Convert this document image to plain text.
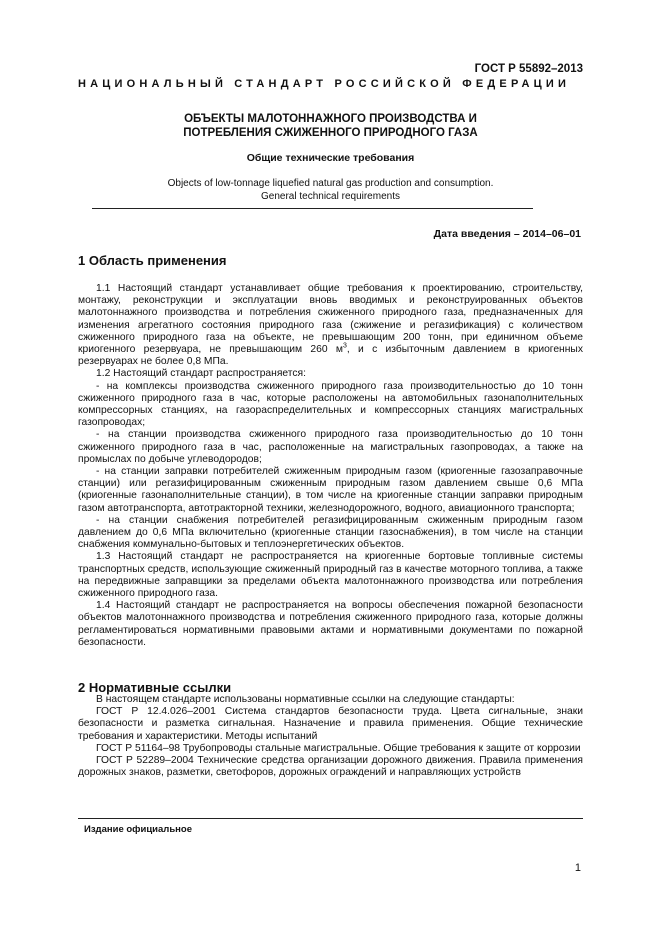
ГОСТ Р 55892–2013
НАЦИОНАЛЬНЫЙ СТАНДАРТ РОССИЙСКОЙ ФЕДЕРАЦИИ
ОБЪЕКТЫ МАЛОТОННАЖНОГО ПРОИЗВОДСТВА И
ПОТРЕБЛЕНИЯ СЖИЖЕННОГО ПРИРОДНОГО ГАЗА
Общие технические требования
Objects of low-tonnage liquefied natural gas production and consumption.
General technical requirements
Дата введения – 2014–06–01
1 Область применения

1.1 Настоящий стандарт устанавливает общие требования к проектированию, строительству, монтажу, реконструкции и эксплуатации вновь вводимых и реконструированных объектов малотоннажного производства и потребления сжиженного природного газа, предназначенных для изменения агрегатного состояния природного газа (сжижение и регазификация) с количеством сжиженного природного газа на объекте, не превышающим 200 тонн, при единичном объеме криогенного резервуара, не превышающим 260 $м^3$, и с избыточным давлением в криогенных резервуарах не более 0,8 МПа.

1.2 Настоящий стандарт распространяется:

- на комплексы производства сжиженного природного газа производительностью до 10 тонн сжиженного природного газа в час, которые расположены на автомобильных газонаполнительных компрессорных станциях, на газораспределительных и компрессорных станциях магистральных газопроводах;

- на станции производства сжиженного природного газа производительностью до 10 тонн сжиженного природного газа в час, расположенные на магистральных газопроводах, а также на промыслах по добыче углеводородов;

- на станции заправки потребителей сжиженным природным газом (криогенные газозаправочные станции) или регазифицированным сжиженным природным газом давлением свыше 0,6 МПа (криогенные газонаполнительные станции), в том числе на криогенные станции заправки природным газом автотранспорта, автотракторной техники, железнодорожного, водного, авиационного транспорта;

- на станции снабжения потребителей регазифицированным сжиженным природным газом давлением до 0,6 МПа включительно (криогенные станции газоснабжения), в том числе на станции снабжения коммунально-бытовых и теплоэнергетических объектов.

1.3 Настоящий стандарт не распространяется на криогенные бортовые топливные системы транспортных средств, использующие сжиженный природный газ в качестве моторного топлива, а также на передвижные заправщики за пределами объекта малотоннажного производства или потребления сжиженного природного газа.

1.4 Настоящий стандарт не распространяется на вопросы обеспечения пожарной безопасности объектов малотоннажного производства и потребления сжиженного природного газа, которые должны регламентироваться нормативными правовыми актами и нормативными документами по пожарной безопасности.

2 Нормативные ссылки

В настоящем стандарте использованы нормативные ссылки на следующие стандарты:

ГОСТ Р 12.4.026–2001 Система стандартов безопасности труда. Цвета сигнальные, знаки безопасности и разметка сигнальная. Назначение и правила применения. Общие технические требования и характеристики. Методы испытаний

ГОСТ Р 51164–98 Трубопроводы стальные магистральные. Общие требования к защите от коррозии

ГОСТ Р 52289–2004 Технические средства организации дорожного движения. Правила применения дорожных знаков, разметки, светофоров, дорожных ограждений и направляющих устройств

Издание официальное
1
